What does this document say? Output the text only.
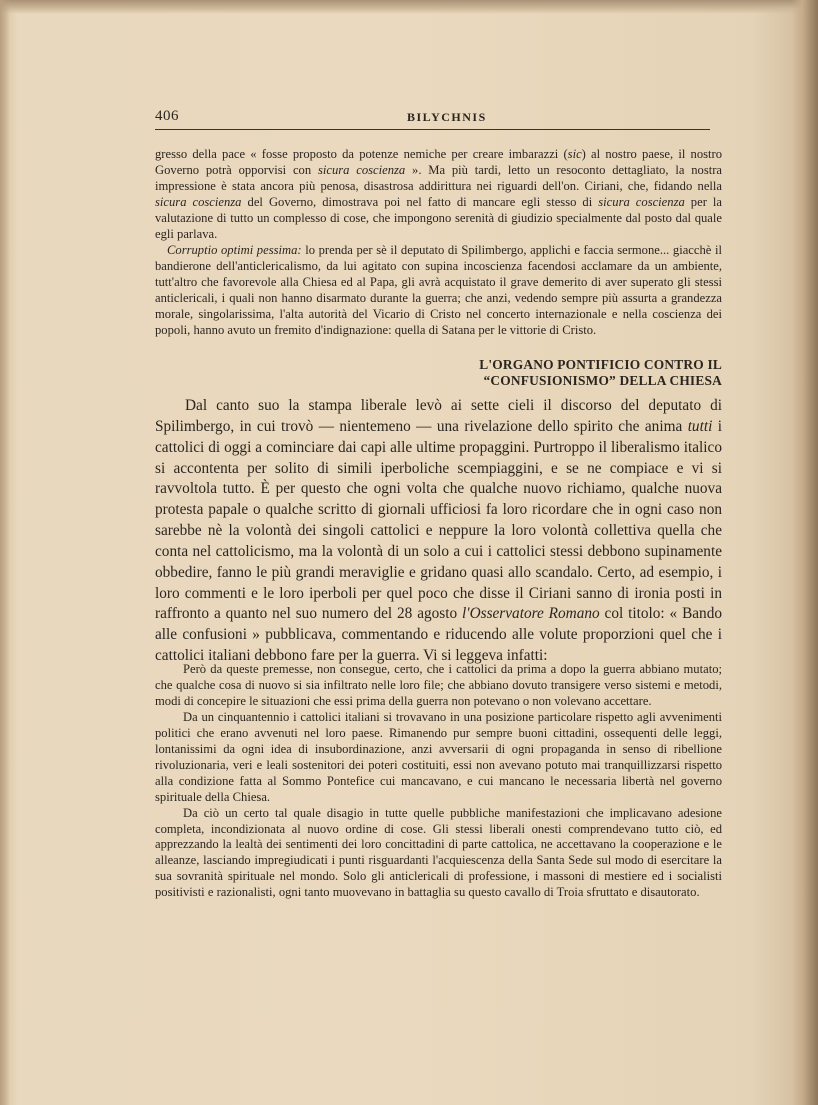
406	BILYCHNIS

gresso della pace « fosse proposto da potenze nemiche per creare imbarazzi (sic) al nostro paese, il nostro Governo potrà opporvisi con sicura coscienza ». Ma più tardi, letto un resoconto dettagliato, la nostra impressione è stata ancora più penosa, disastrosa addirittura nei riguardi dell'on. Ciriani, che, fidando nella sicura coscienza del Governo, dimostrava poi nel fatto di mancare egli stesso di sicura coscienza per la valutazione di tutto un complesso di cose, che impongono serenità di giudizio specialmente dal posto dal quale egli parlava.

Corruptio optimi pessima: lo prenda per sè il deputato di Spilimbergo, applichi e faccia sermone... giacchè il bandierone dell'anticlericalismo, da lui agitato con supina incoscienza facendosi acclamare da un ambiente, tutt'altro che favorevole alla Chiesa ed al Papa, gli avrà acquistato il grave demerito di aver superato gli stessi anticlericali, i quali non hanno disarmato durante la guerra; che anzi, vedendo sempre più assurta a grandezza morale, singolarissima, l'alta autorità del Vicario di Cristo nel concerto internazionale e nella coscienza dei popoli, hanno avuto un fremito d'indignazione: quella di Satana per le vittorie di Cristo.

L'ORGANO PONTIFICIO CONTRO IL
“CONFUSIONISMO” DELLA CHIESA

Dal canto suo la stampa liberale levò ai sette cieli il discorso del deputato di Spilimbergo, in cui trovò — nientemeno — una rivelazione dello spirito che anima tutti i cattolici di oggi a cominciare dai capi alle ultime propaggini. Purtroppo il liberalismo italico si accontenta per solito di simili iperboliche scempiaggini, e se ne compiace e vi si ravvoltola tutto. È per questo che ogni volta che qualche nuovo richiamo, qualche nuova protesta papale o qualche scritto di giornali ufficiosi fa loro ricordare che in ogni caso non sarebbe nè la volontà dei singoli cattolici e neppure la loro volontà collettiva quella che conta nel cattolicismo, ma la volontà di un solo a cui i cattolici stessi debbono supinamente obbedire, fanno le più grandi meraviglie e gridano quasi allo scandalo. Certo, ad esempio, i loro commenti e le loro iperboli per quel poco che disse il Ciriani sanno di ironia posti in raffronto a quanto nel suo numero del 28 agosto l'Osservatore Romano col titolo: « Bando alle confusioni » pubblicava, commentando e riducendo alle volute proporzioni quel che i cattolici italiani debbono fare per la guerra. Vi si leggeva infatti:

Però da queste premesse, non consegue, certo, che i cattolici da prima a dopo la guerra abbiano mutato; che qualche cosa di nuovo si sia infiltrato nelle loro file; che abbiano dovuto transigere verso sistemi e metodi, modi di concepire le situazioni che essi prima della guerra non potevano o non volevano accettare.

Da un cinquantennio i cattolici italiani si trovavano in una posizione particolare rispetto agli avvenimenti politici che erano avvenuti nel loro paese. Rimanendo pur sempre buoni cittadini, ossequenti delle leggi, lontanissimi da ogni idea di insubordinazione, anzi avversarii di ogni propaganda in senso di ribellione rivoluzionaria, veri e leali sostenitori dei poteri costituiti, essi non avevano potuto mai tranquillizzarsi rispetto alla condizione fatta al Sommo Pontefice cui mancavano, e cui mancano le necessaria libertà nel governo spirituale della Chiesa.

Da ciò un certo tal quale disagio in tutte quelle pubbliche manifestazioni che implicavano adesione completa, incondizionata al nuovo ordine di cose. Gli stessi liberali onesti comprendevano tutto ciò, ed apprezzando la lealtà dei sentimenti dei loro concittadini di parte cattolica, ne accettavano la cooperazione e le alleanze, lasciando impregiudicati i punti risguardanti l'acquiescenza della Santa Sede sul modo di esercitare la sua sovranità spirituale nel mondo. Solo gli anticlericali di professione, i massoni di mestiere ed i socialisti positivisti e razionalisti, ogni tanto muovevano in battaglia su questo cavallo di Troia sfruttato e disautorato.
